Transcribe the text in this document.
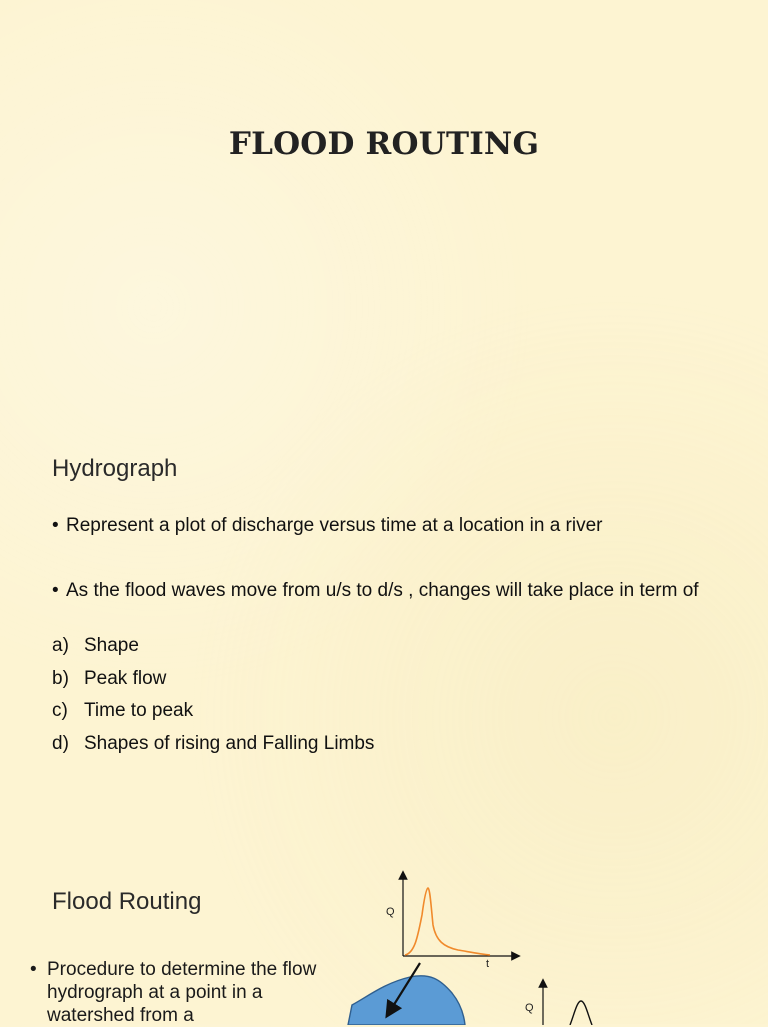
FLOOD ROUTING
Hydrograph
• Represent a plot of discharge versus time at a location in a river
• As the flood waves move from u/s to d/s , changes will take place in term of
a) Shape
b) Peak flow
c) Time to peak
d) Shapes of rising and Falling Limbs
Flood Routing
• Procedure to determine the flow hydrograph at a point in a watershed from a
Q
t
Q
